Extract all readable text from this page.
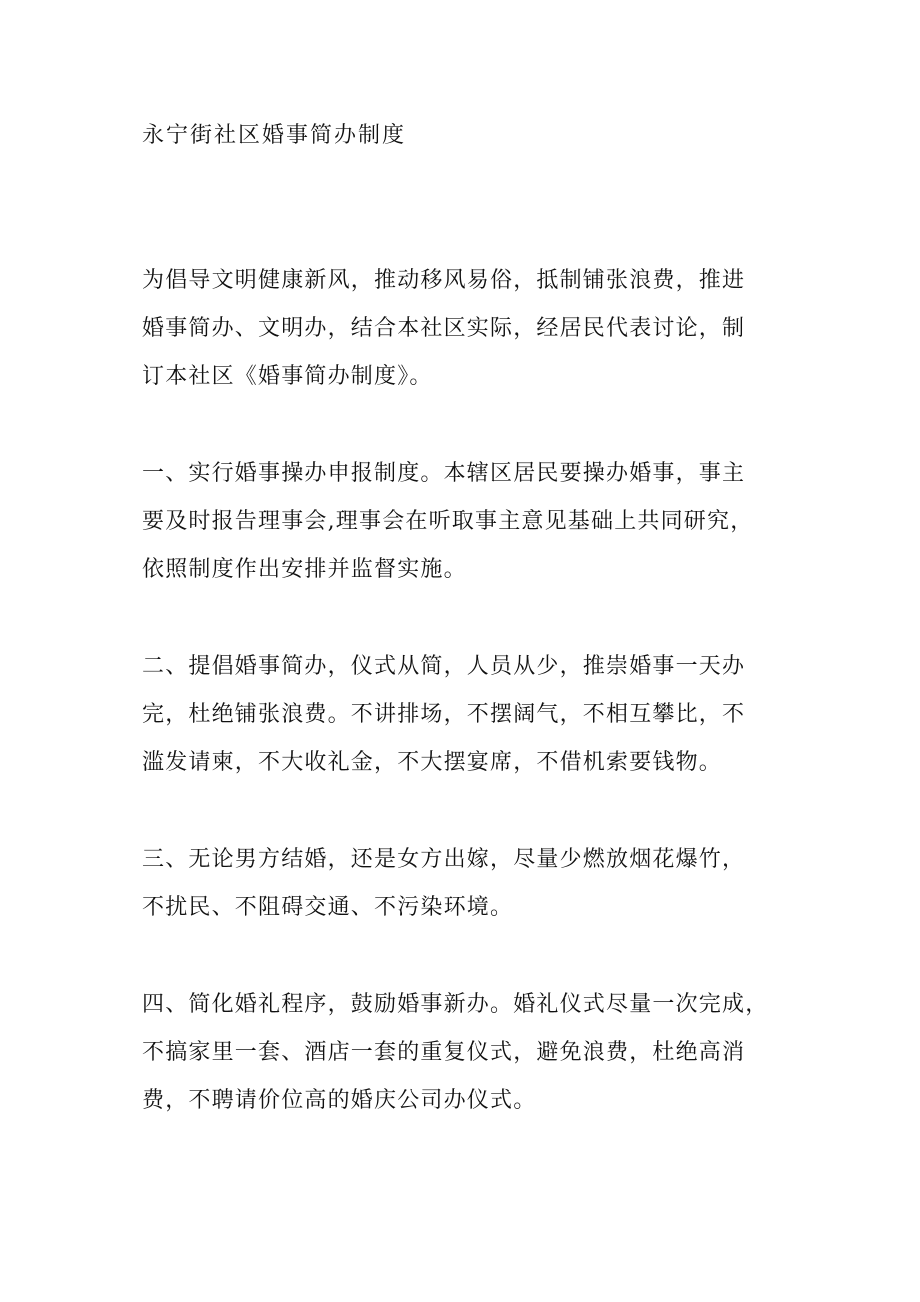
永宁街社区婚事简办制度

为倡导文明健康新风，推动移风易俗，抵制铺张浪费，推进
婚事简办、文明办，结合本社区实际，经居民代表讨论，制
订本社区《婚事简办制度》。

一、实行婚事操办申报制度。本辖区居民要操办婚事，事主
要及时报告理事会,理事会在听取事主意见基础上共同研究，
依照制度作出安排并监督实施。

二、提倡婚事简办，仪式从简，人员从少，推崇婚事一天办
完，杜绝铺张浪费。不讲排场，不摆阔气，不相互攀比，不
滥发请柬，不大收礼金，不大摆宴席，不借机索要钱物。

三、无论男方结婚，还是女方出嫁，尽量少燃放烟花爆竹，
不扰民、不阻碍交通、不污染环境。

四、简化婚礼程序，鼓励婚事新办。婚礼仪式尽量一次完成，
不搞家里一套、酒店一套的重复仪式，避免浪费，杜绝高消
费，不聘请价位高的婚庆公司办仪式。
